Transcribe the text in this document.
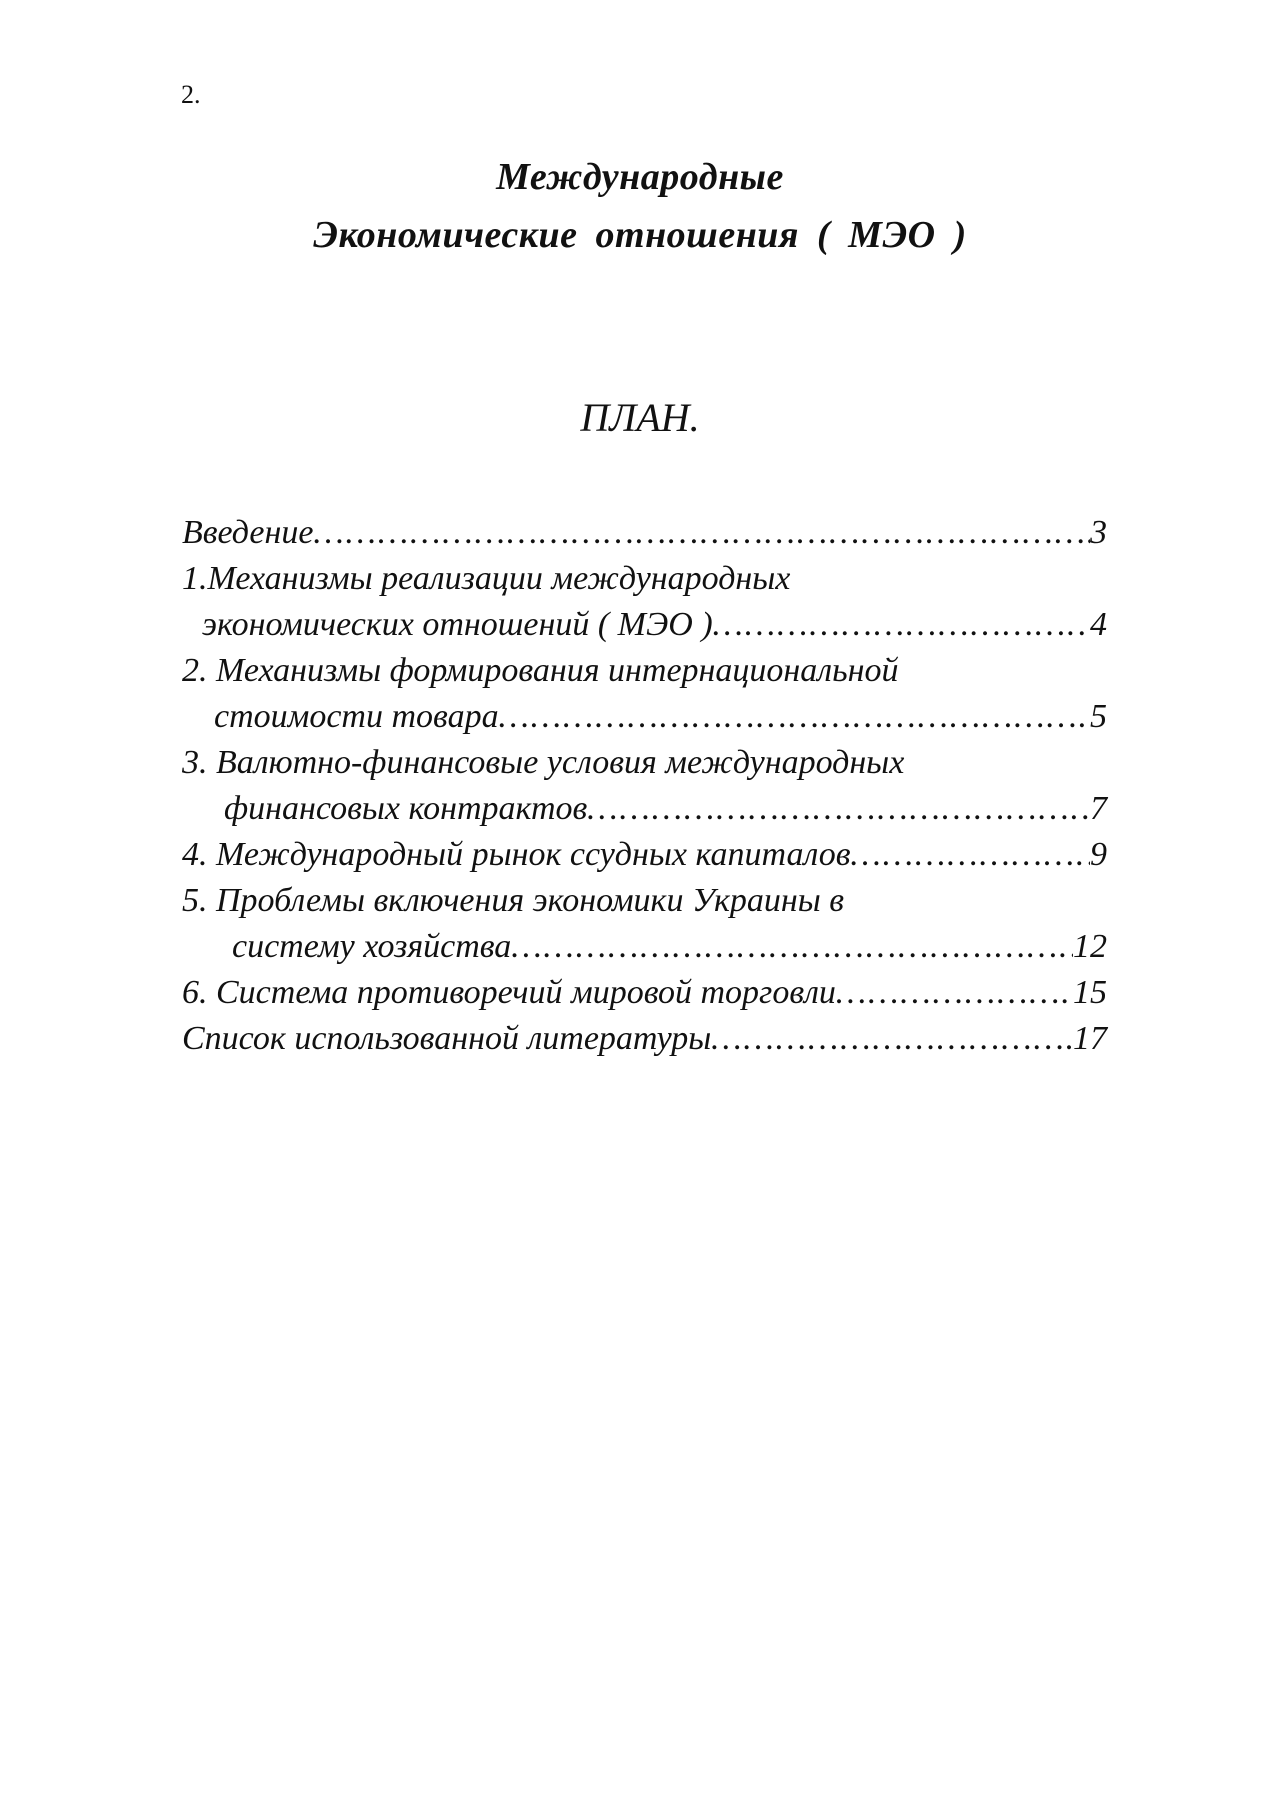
2.
Международные
Экономические отношения ( МЭО )
ПЛАН.
Введение …………………………………………………………………………………………………………………………………………………………………	3
1.Механизмы реализации международных
экономических отношений ( МЭО ) …………………………………………………………………………………………………………………………………………………………………	4
2. Механизмы формирования интернациональной
стоимости товара …………………………………………………………………………………………………………………………………………………………………	5
3. Валютно-финансовые условия международных
финансовых контрактов …………………………………………………………………………………………………………………………………………………………………	7
4. Международный рынок ссудных капиталов …………………………………………………………………………………………………………………………………………………………………	9
5. Проблемы включения экономики Украины в
систему хозяйства …………………………………………………………………………………………………………………………………………………………………	12
6. Система противоречий мировой торговли …………………………………………………………………………………………………………………………………………………………………	15
Список использованной литературы …………………………………………………………………………………………………………………………………………………………………	17
